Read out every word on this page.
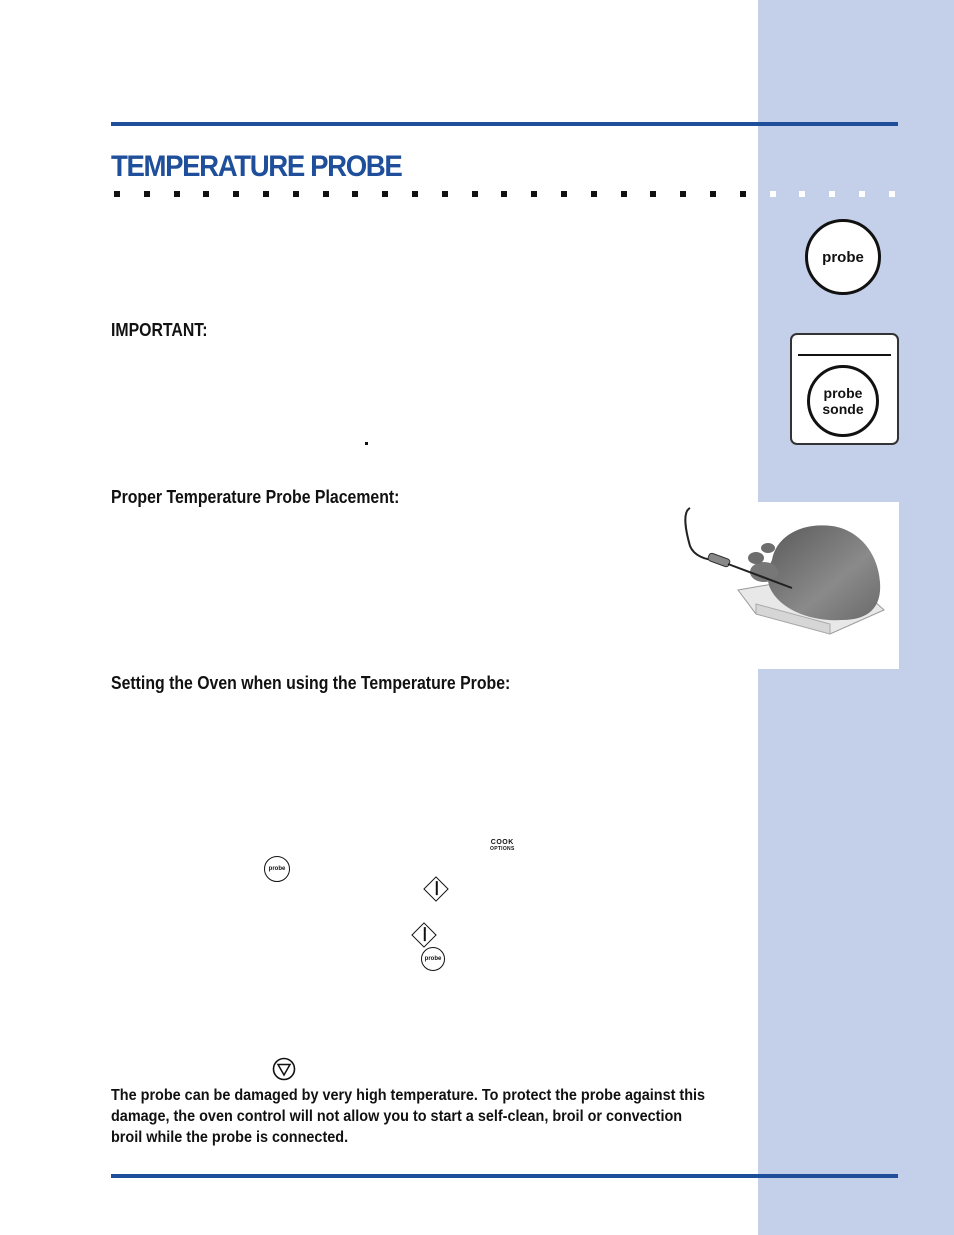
TEMPERATURE PROBE
probe
probe
sonde
IMPORTANT:
Proper Temperature Probe Placement:
Setting the Oven when using the Temperature Probe:
COOK
OPTIONS
probe
probe

The probe can be damaged by very high temperature. To protect the probe against this damage, the oven control will not allow you to start a self-clean, broil or convection broil while the probe is connected.
